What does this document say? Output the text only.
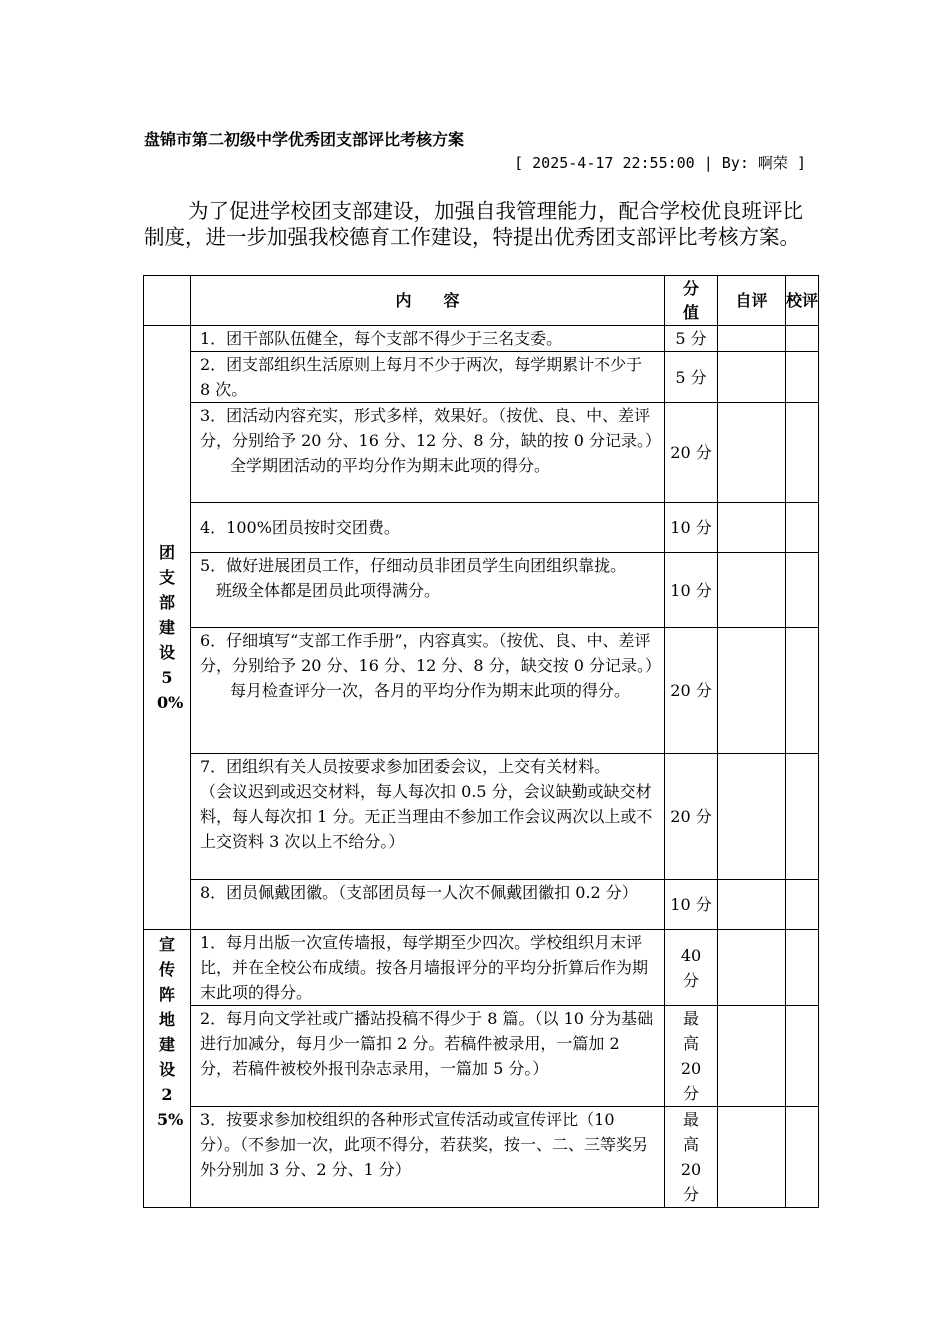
盘锦市第二初级中学优秀团支部评比考核方案
[ 2025-4-17 22:55:00 | By: 啊荣 ]
为了促进学校团支部建设，加强自我管理能力，配合学校优良班评比制度，进一步加强我校德育工作建设，特提出优秀团支部评比考核方案。
	内　　容	分值	自评	校评
团支部建设50%	1．团干部队伍健全，每个支部不得少于三名支委。	5 分		
	2．团支部组织生活原则上每月不少于两次，每学期累计不少于 8 次。	5 分		
	3．团活动内容充实，形式多样，效果好。（按优、良、中、差评分，分别给予 20 分、16 分、12 分、8 分，缺的按 0 分记录。）
全学期团活动的平均分作为期末此项的得分。	20 分		
	4．100%团员按时交团费。	10 分		
	5．做好进展团员工作，仔细动员非团员学生向团组织靠拢。
班级全体都是团员此项得满分。	10 分		
	6．仔细填写“支部工作手册”，内容真实。（按优、良、中、差评分，分别给予 20 分、16 分、12 分、8 分，缺交按 0 分记录。）
每月检查评分一次，各月的平均分作为期末此项的得分。	20 分		
	7．团组织有关人员按要求参加团委会议，上交有关材料。
（会议迟到或迟交材料，每人每次扣 0.5 分，会议缺勤或缺交材料，每人每次扣 1 分。无正当理由不参加工作会议两次以上或不上交资料 3 次以上不给分。）	20 分		
	8．团员佩戴团徽。（支部团员每一人次不佩戴团徽扣 0.2 分）	10 分		
宣传阵地建设25%	1．每月出版一次宣传墙报，每学期至少四次。学校组织月末评比，并在全校公布成绩。按各月墙报评分的平均分折算后作为期末此项的得分。	40 分		
	2．每月向文学社或广播站投稿不得少于 8 篇。（以 10 分为基础进行加减分，每月少一篇扣 2 分。若稿件被录用，一篇加 2 分，若稿件被校外报刊杂志录用，一篇加 5 分。）	最高 20 分		
	3．按要求参加校组织的各种形式宣传活动或宣传评比（10 分）。（不参加一次，此项不得分，若获奖，按一、二、三等奖另外分别加 3 分、2 分、1 分）	最高 20 分		
